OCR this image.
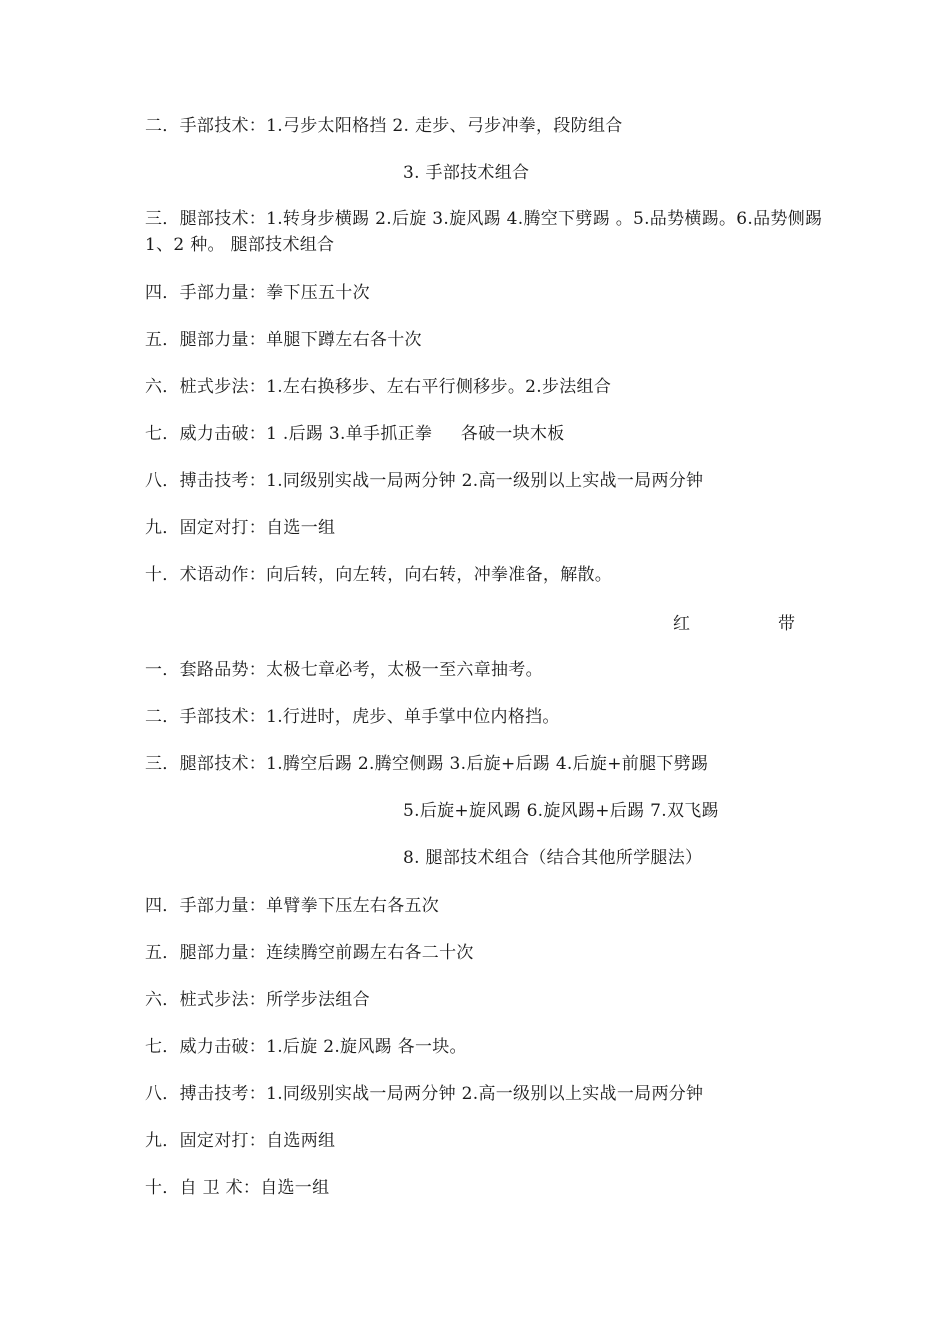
二．手部技术：1.弓步太阳格挡 2. 走步、弓步冲拳，段防组合
3. 手部技术组合
三．腿部技术：1.转身步横踢 2.后旋 3.旋风踢 4.腾空下劈踢 。5.品势横踢。6.品势侧踢 1、2 种。 腿部技术组合
四．手部力量：拳下压五十次
五．腿部力量：单腿下蹲左右各十次
六．桩式步法：1.左右换移步、左右平行侧移步。2.步法组合
七．威力击破：1 .后踢 3.单手抓正拳     各破一块木板
八．搏击技考：1.同级别实战一局两分钟 2.高一级别以上实战一局两分钟
九．固定对打：自选一组
十．术语动作：向后转，向左转，向右转，冲拳准备，解散。
红	带
一．套路品势：太极七章必考，太极一至六章抽考。
二．手部技术：1.行进时，虎步、单手掌中位内格挡。
三．腿部技术：1.腾空后踢 2.腾空侧踢 3.后旋+后踢 4.后旋+前腿下劈踢
5.后旋+旋风踢 6.旋风踢+后踢 7.双飞踢
8. 腿部技术组合（结合其他所学腿法）
四．手部力量：单臂拳下压左右各五次
五．腿部力量：连续腾空前踢左右各二十次
六．桩式步法：所学步法组合
七．威力击破：1.后旋 2.旋风踢 各一块。
八．搏击技考：1.同级别实战一局两分钟 2.高一级别以上实战一局两分钟
九．固定对打：自选两组
十．自 卫 术：自选一组
